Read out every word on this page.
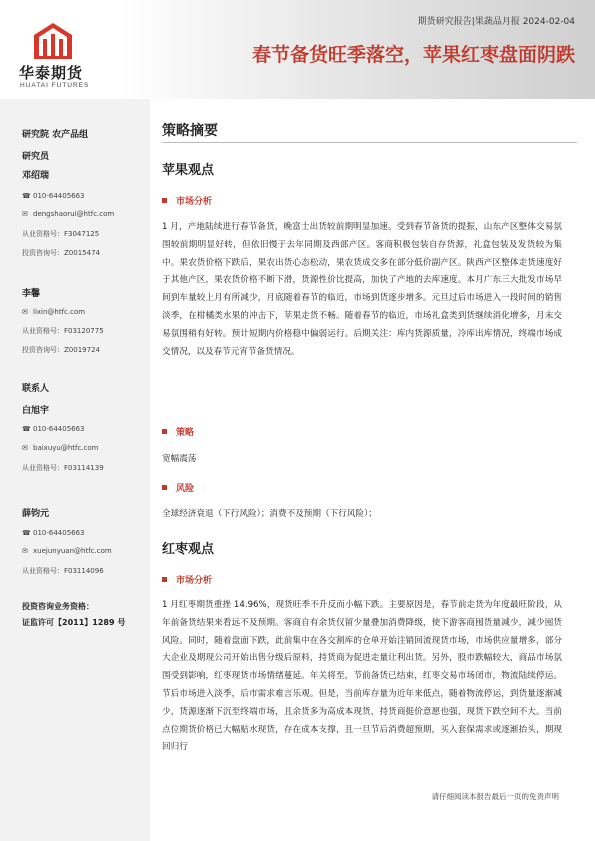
华泰期货
HUATAI FUTURES
期货研究报告|果蔬品月报 2024-02-04
春节备货旺季落空，苹果红枣盘面阴跌
研究院 农产品组
研究员
邓绍瑞
☎ 010-64405663
✉ dengshaorui@htfc.com
从业资格号：F3047125
投资咨询号：Z0015474
李馨
✉ lixin@htfc.com
从业资格号：F03120775
投资咨询号：Z0019724
联系人
白旭宇
☎ 010-64405663
✉ baixuyu@htfc.com
从业资格号：F03114139
薛钧元
☎ 010-64405663
✉ xuejunyuan@htfc.com
从业资格号：F03114096
投资咨询业务资格：
证监许可【2011】1289 号
策略摘要
苹果观点
市场分析
1 月，产地陆续进行春节备货，晚富士出货较前期明显加速。受到春节备货的提振，山东产区整体交易氛围较前期明显好转，但依旧慢于去年同期及西部产区。客商积极包装自存货源，礼盒包装及发货较为集中。果农货价格下跌后，果农出货心态松动，果农货成交多在部分低价副产区。陕西产区整体走货速度好于其他产区，果农货价格不断下滑，货源性价比提高，加快了产地的去库速度。本月广东三大批发市场早间到车量较上月有所减少，月底随着春节的临近，市场到货逐步增多。元旦过后市场进入一段时间的销售淡季，在柑橘类水果的冲击下，苹果走货不畅。随着春节的临近，市场礼盒类到货继续消化增多，月末交易氛围稍有好转。预计短期内价格稳中偏弱运行。后期关注：库内货源质量，冷库出库情况，终端市场成交情况，以及春节元宵节备货情况。
策略
宽幅震荡
风险
全球经济衰退（下行风险）；消费不及预期（下行风险）；
红枣观点
市场分析
1 月红枣期货重挫 14.96%，现货旺季不升反而小幅下跌。主要原因是，春节前走货为年度最旺阶段，从年前备货结果来看远不及预期。客商自有余货仅留少量叠加消费降级，使下游客商囤货量减少，减少囤货风险。同时，随着盘面下跌，此前集中在各交割库的仓单开始注销回流现货市场，市场供应量增多，部分大企业及期现公司开始出售分级后原料，持货商为促进走量让利出货。另外，股市跌幅较大，商品市场氛围受到影响，红枣现货市场情绪蔓延。年关将至，节前备货已结束，红枣交易市场闭市，物流陆续停运。节后市场进入淡季，后市需求难言乐观。但是，当前库存量为近年来低点，随着物流停运，到货量逐渐减少，货源逐渐下沉至终端市场，且余货多为高成本现货，持货商挺价意愿也强，现货下跌空间不大。当前点位期货价格已大幅贴水现货，存在成本支撑，且一旦节后消费超预期，买入套保需求或逐渐抬头，期现回归行
请仔细阅读本报告最后一页的免责声明
